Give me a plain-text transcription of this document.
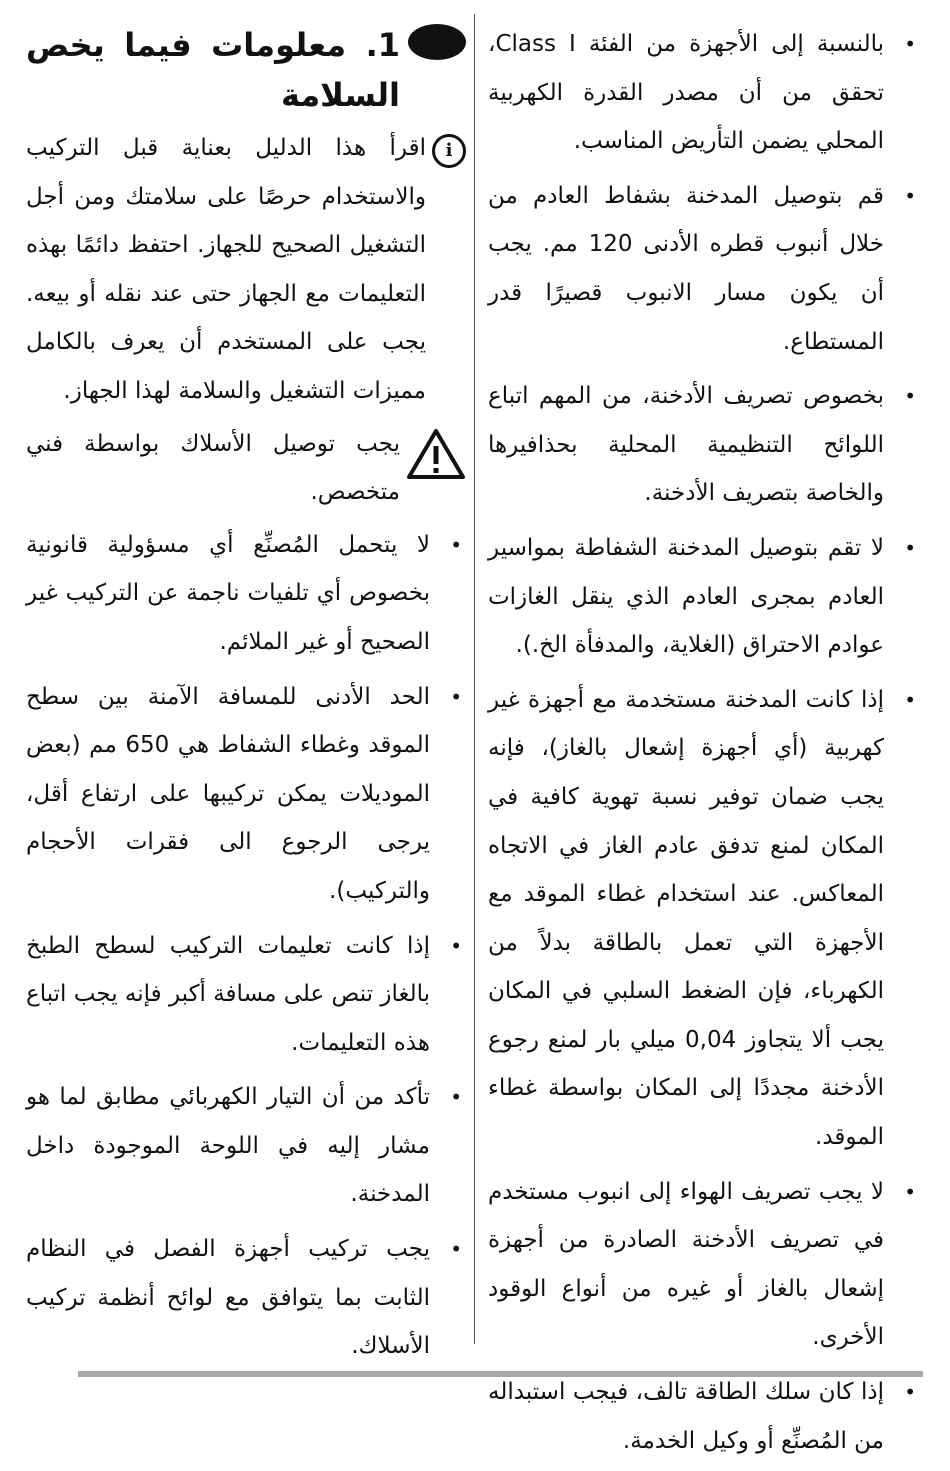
• بالنسبة إلى الأجهزة من الفئة Class I، تحقق من أن مصدر القدرة الكهربية المحلي يضمن التأريض المناسب.
• قم بتوصيل المدخنة بشفاط العادم من خلال أنبوب قطره الأدنى 120 مم. يجب أن يكون مسار الانبوب قصيرًا قدر المستطاع.
• بخصوص تصريف الأدخنة، من المهم اتباع اللوائح التنظيمية المحلية بحذافيرها والخاصة بتصريف الأدخنة.
• لا تقم بتوصيل المدخنة الشفاطة بمواسير العادم بمجرى العادم الذي ينقل الغازات عوادم الاحتراق (الغلاية، والمدفأة الخ.).
• إذا كانت المدخنة مستخدمة مع أجهزة غير كهربية (أي أجهزة إشعال بالغاز)، فإنه يجب ضمان توفير نسبة تهوية كافية في المكان لمنع تدفق عادم الغاز في الاتجاه المعاكس. عند استخدام غطاء الموقد مع الأجهزة التي تعمل بالطاقة بدلاً من الكهرباء، فإن الضغط السلبي في المكان يجب ألا يتجاوز 0,04 ميلي بار لمنع رجوع الأدخنة مجددًا إلى المكان بواسطة غطاء الموقد.
• لا يجب تصريف الهواء إلى انبوب مستخدم في تصريف الأدخنة الصادرة من أجهزة إشعال بالغاز أو غيره من أنواع الوقود الأخرى.
• إذا كان سلك الطاقة تالف، فيجب استبداله من المُصنِّع أو وكيل الخدمة.
1. معلومات فيما يخص السلامة
i

اقرأ هذا الدليل بعناية قبل التركيب والاستخدام حرصًا على سلامتك ومن أجل التشغيل الصحيح للجهاز. احتفظ دائمًا بهذه التعليمات مع الجهاز حتى عند نقله أو بيعه. يجب على المستخدم أن يعرف بالكامل مميزات التشغيل والسلامة لهذا الجهاز.

يجب توصيل الأسلاك بواسطة فني متخصص.

• لا يتحمل المُصنِّع أي مسؤولية قانونية بخصوص أي تلفيات ناجمة عن التركيب غير الصحيح أو غير الملائم.
• الحد الأدنى للمسافة الآمنة بين سطح الموقد وغطاء الشفاط هي 650 مم (بعض الموديلات يمكن تركيبها على ارتفاع أقل، يرجى الرجوع الى فقرات الأحجام والتركيب).
• إذا كانت تعليمات التركيب لسطح الطبخ بالغاز تنص على مسافة أكبر فإنه يجب اتباع هذه التعليمات.
• تأكد من أن التيار الكهربائي مطابق لما هو مشار إليه في اللوحة الموجودة داخل المدخنة.
• يجب تركيب أجهزة الفصل في النظام الثابت بما يتوافق مع لوائح أنظمة تركيب الأسلاك.
